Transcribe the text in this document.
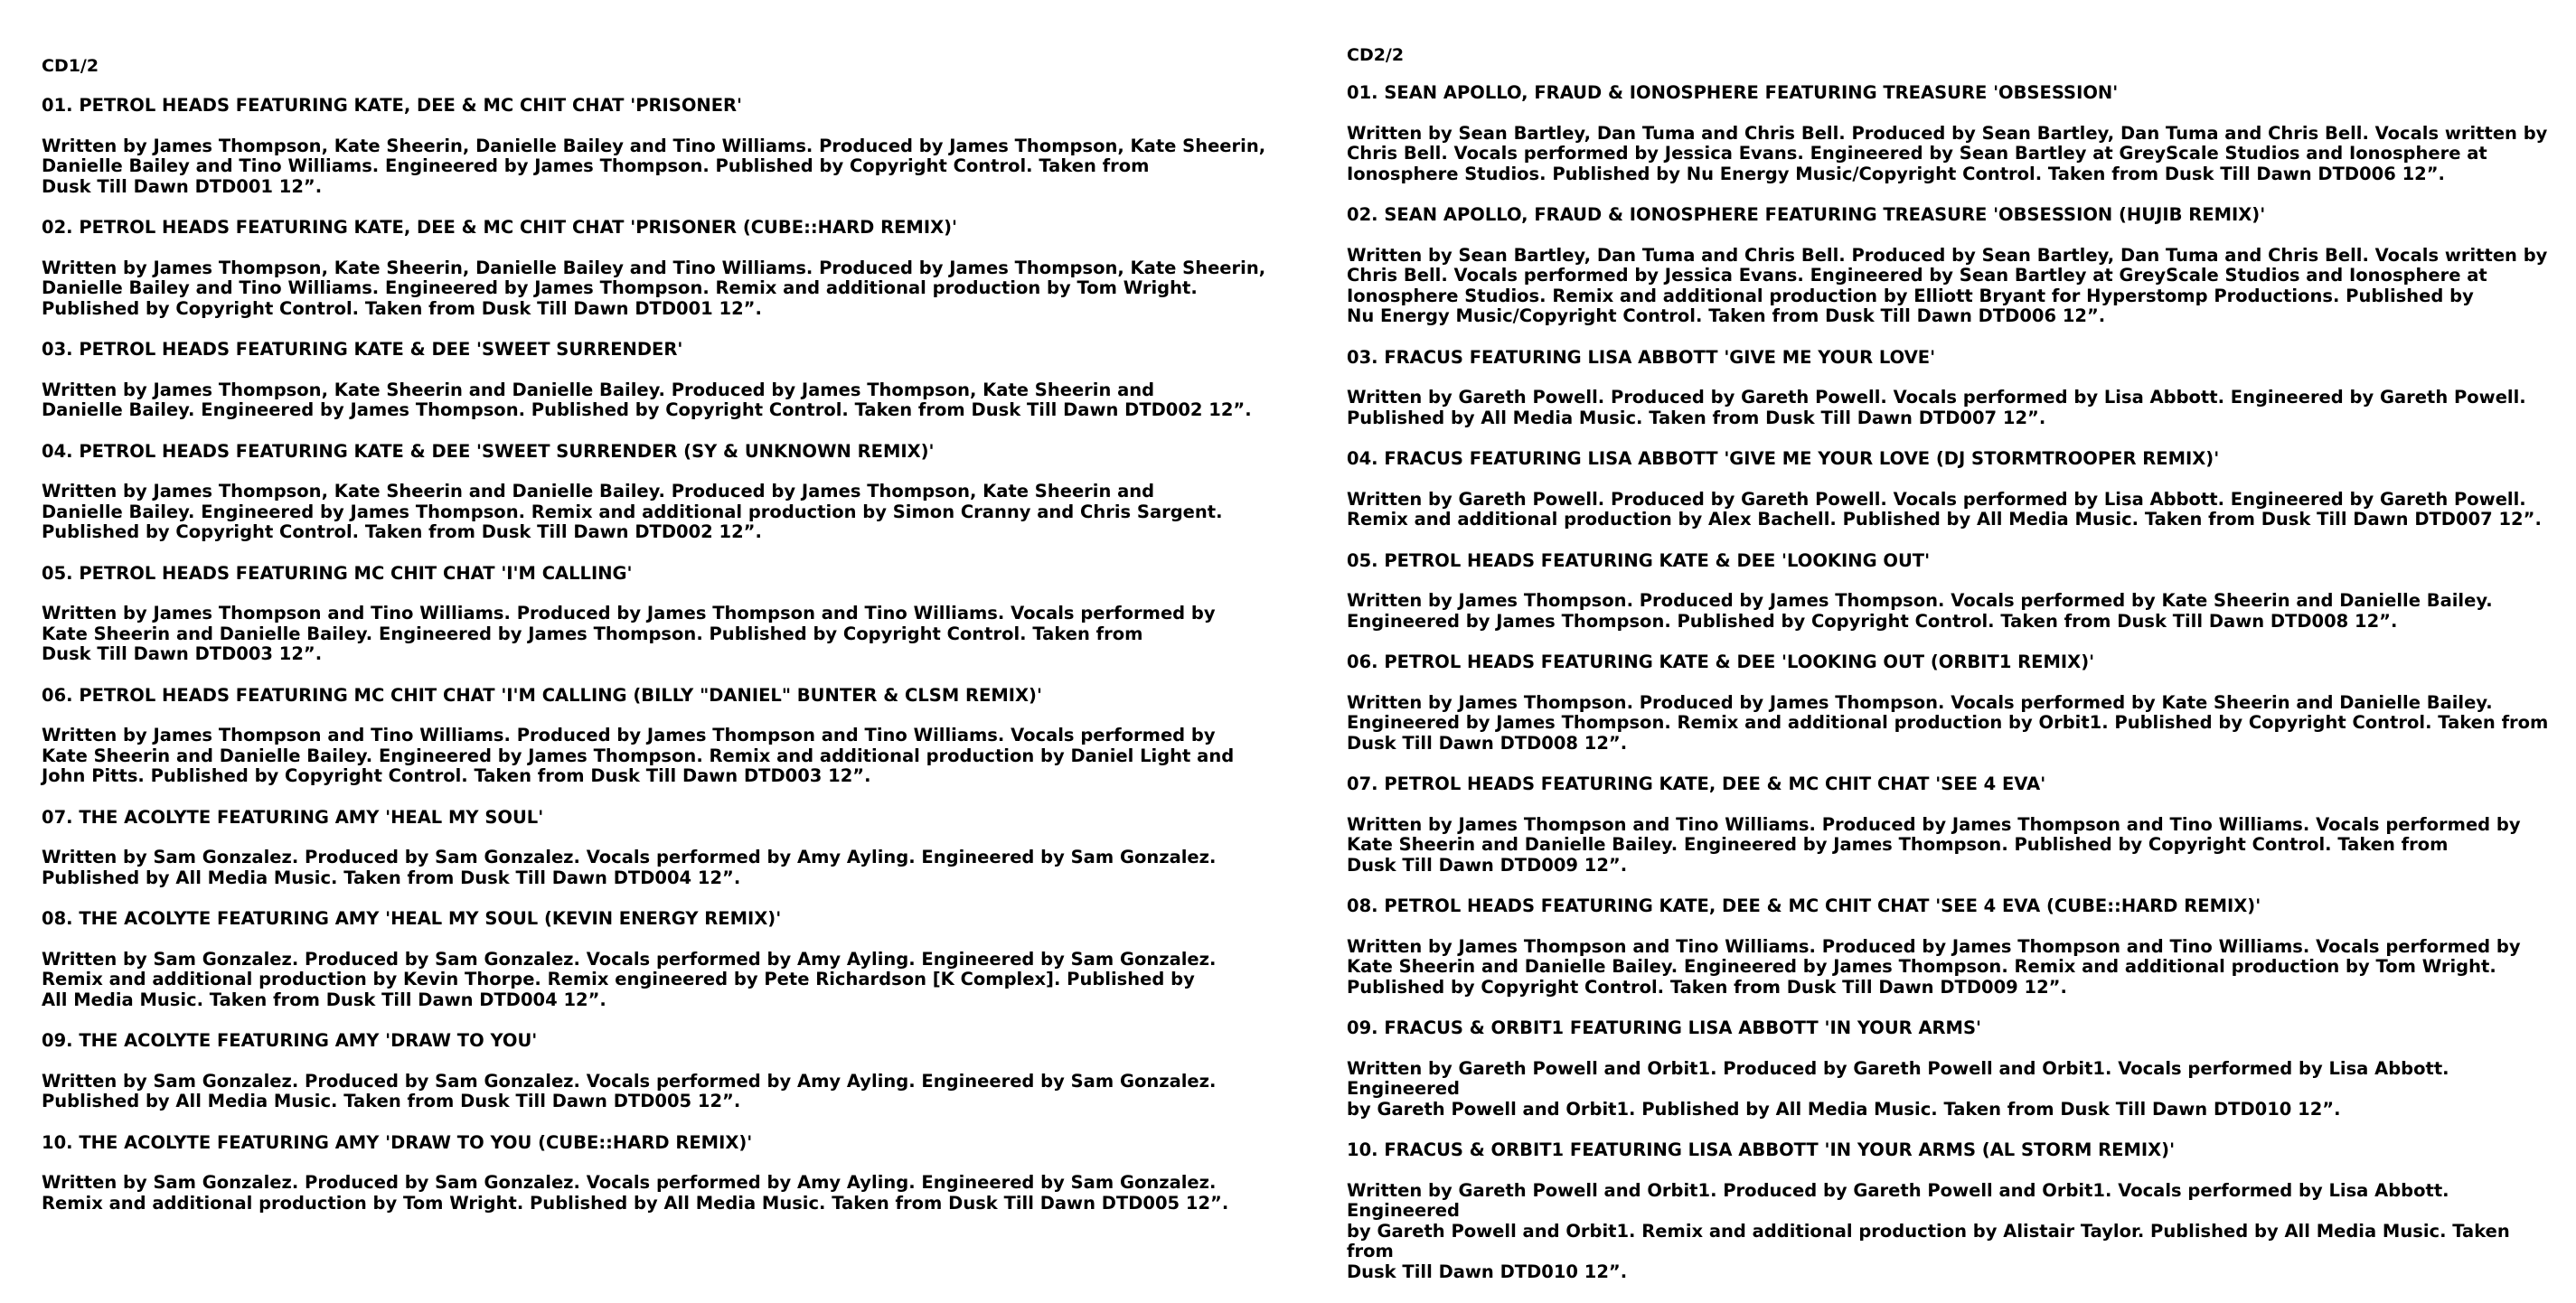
CD1/2

01. PETROL HEADS FEATURING KATE, DEE & MC CHIT CHAT 'PRISONER'

Written by James Thompson, Kate Sheerin, Danielle Bailey and Tino Williams. Produced by James Thompson, Kate Sheerin,
Danielle Bailey and Tino Williams. Engineered by James Thompson. Published by Copyright Control. Taken from
Dusk Till Dawn DTD001 12”.

02. PETROL HEADS FEATURING KATE, DEE & MC CHIT CHAT 'PRISONER (CUBE::HARD REMIX)'

Written by James Thompson, Kate Sheerin, Danielle Bailey and Tino Williams. Produced by James Thompson, Kate Sheerin,
Danielle Bailey and Tino Williams. Engineered by James Thompson. Remix and additional production by Tom Wright.
Published by Copyright Control. Taken from Dusk Till Dawn DTD001 12”.

03. PETROL HEADS FEATURING KATE & DEE 'SWEET SURRENDER'

Written by James Thompson, Kate Sheerin and Danielle Bailey. Produced by James Thompson, Kate Sheerin and
Danielle Bailey. Engineered by James Thompson. Published by Copyright Control. Taken from Dusk Till Dawn DTD002 12”.

04. PETROL HEADS FEATURING KATE & DEE 'SWEET SURRENDER (SY & UNKNOWN REMIX)'

Written by James Thompson, Kate Sheerin and Danielle Bailey. Produced by James Thompson, Kate Sheerin and
Danielle Bailey. Engineered by James Thompson. Remix and additional production by Simon Cranny and Chris Sargent.
Published by Copyright Control. Taken from Dusk Till Dawn DTD002 12”.

05. PETROL HEADS FEATURING MC CHIT CHAT 'I'M CALLING'

Written by James Thompson and Tino Williams. Produced by James Thompson and Tino Williams. Vocals performed by
Kate Sheerin and Danielle Bailey. Engineered by James Thompson. Published by Copyright Control. Taken from
Dusk Till Dawn DTD003 12”.

06. PETROL HEADS FEATURING MC CHIT CHAT 'I'M CALLING (BILLY "DANIEL" BUNTER & CLSM REMIX)'

Written by James Thompson and Tino Williams. Produced by James Thompson and Tino Williams. Vocals performed by
Kate Sheerin and Danielle Bailey. Engineered by James Thompson. Remix and additional production by Daniel Light and
John Pitts. Published by Copyright Control. Taken from Dusk Till Dawn DTD003 12”.

07. THE ACOLYTE FEATURING AMY 'HEAL MY SOUL'

Written by Sam Gonzalez. Produced by Sam Gonzalez. Vocals performed by Amy Ayling. Engineered by Sam Gonzalez.
Published by All Media Music. Taken from Dusk Till Dawn DTD004 12”.

08. THE ACOLYTE FEATURING AMY 'HEAL MY SOUL (KEVIN ENERGY REMIX)'

Written by Sam Gonzalez. Produced by Sam Gonzalez. Vocals performed by Amy Ayling. Engineered by Sam Gonzalez.
Remix and additional production by Kevin Thorpe. Remix engineered by Pete Richardson [K Complex]. Published by
All Media Music. Taken from Dusk Till Dawn DTD004 12”.

09. THE ACOLYTE FEATURING AMY 'DRAW TO YOU'

Written by Sam Gonzalez. Produced by Sam Gonzalez. Vocals performed by Amy Ayling. Engineered by Sam Gonzalez.
Published by All Media Music. Taken from Dusk Till Dawn DTD005 12”.

10. THE ACOLYTE FEATURING AMY 'DRAW TO YOU (CUBE::HARD REMIX)'

Written by Sam Gonzalez. Produced by Sam Gonzalez. Vocals performed by Amy Ayling. Engineered by Sam Gonzalez.
Remix and additional production by Tom Wright. Published by All Media Music. Taken from Dusk Till Dawn DTD005 12”.

CD2/2

01. SEAN APOLLO, FRAUD & IONOSPHERE FEATURING TREASURE 'OBSESSION'

Written by Sean Bartley, Dan Tuma and Chris Bell. Produced by Sean Bartley, Dan Tuma and Chris Bell. Vocals written by
Chris Bell. Vocals performed by Jessica Evans. Engineered by Sean Bartley at GreyScale Studios and Ionosphere at
Ionosphere Studios. Published by Nu Energy Music/Copyright Control. Taken from Dusk Till Dawn DTD006 12”.

02. SEAN APOLLO, FRAUD & IONOSPHERE FEATURING TREASURE 'OBSESSION (HUJIB REMIX)'

Written by Sean Bartley, Dan Tuma and Chris Bell. Produced by Sean Bartley, Dan Tuma and Chris Bell. Vocals written by
Chris Bell. Vocals performed by Jessica Evans. Engineered by Sean Bartley at GreyScale Studios and Ionosphere at
Ionosphere Studios. Remix and additional production by Elliott Bryant for Hyperstomp Productions. Published by
Nu Energy Music/Copyright Control. Taken from Dusk Till Dawn DTD006 12”.

03. FRACUS FEATURING LISA ABBOTT 'GIVE ME YOUR LOVE'

Written by Gareth Powell. Produced by Gareth Powell. Vocals performed by Lisa Abbott. Engineered by Gareth Powell.
Published by All Media Music. Taken from Dusk Till Dawn DTD007 12”.

04. FRACUS FEATURING LISA ABBOTT 'GIVE ME YOUR LOVE (DJ STORMTROOPER REMIX)'

Written by Gareth Powell. Produced by Gareth Powell. Vocals performed by Lisa Abbott. Engineered by Gareth Powell.
Remix and additional production by Alex Bachell. Published by All Media Music. Taken from Dusk Till Dawn DTD007 12”.

05. PETROL HEADS FEATURING KATE & DEE 'LOOKING OUT'

Written by James Thompson. Produced by James Thompson. Vocals performed by Kate Sheerin and Danielle Bailey.
Engineered by James Thompson. Published by Copyright Control. Taken from Dusk Till Dawn DTD008 12”.

06. PETROL HEADS FEATURING KATE & DEE 'LOOKING OUT (ORBIT1 REMIX)'

Written by James Thompson. Produced by James Thompson. Vocals performed by Kate Sheerin and Danielle Bailey.
Engineered by James Thompson. Remix and additional production by Orbit1. Published by Copyright Control. Taken from
Dusk Till Dawn DTD008 12”.

07. PETROL HEADS FEATURING KATE, DEE & MC CHIT CHAT 'SEE 4 EVA'

Written by James Thompson and Tino Williams. Produced by James Thompson and Tino Williams. Vocals performed by
Kate Sheerin and Danielle Bailey. Engineered by James Thompson. Published by Copyright Control. Taken from
Dusk Till Dawn DTD009 12”.

08. PETROL HEADS FEATURING KATE, DEE & MC CHIT CHAT 'SEE 4 EVA (CUBE::HARD REMIX)'

Written by James Thompson and Tino Williams. Produced by James Thompson and Tino Williams. Vocals performed by
Kate Sheerin and Danielle Bailey. Engineered by James Thompson. Remix and additional production by Tom Wright.
Published by Copyright Control. Taken from Dusk Till Dawn DTD009 12”.

09. FRACUS & ORBIT1 FEATURING LISA ABBOTT 'IN YOUR ARMS'

Written by Gareth Powell and Orbit1. Produced by Gareth Powell and Orbit1. Vocals performed by Lisa Abbott. Engineered
by Gareth Powell and Orbit1. Published by All Media Music. Taken from Dusk Till Dawn DTD010 12”.

10. FRACUS & ORBIT1 FEATURING LISA ABBOTT 'IN YOUR ARMS (AL STORM REMIX)'

Written by Gareth Powell and Orbit1. Produced by Gareth Powell and Orbit1. Vocals performed by Lisa Abbott. Engineered
by Gareth Powell and Orbit1. Remix and additional production by Alistair Taylor. Published by All Media Music. Taken from
Dusk Till Dawn DTD010 12”.
